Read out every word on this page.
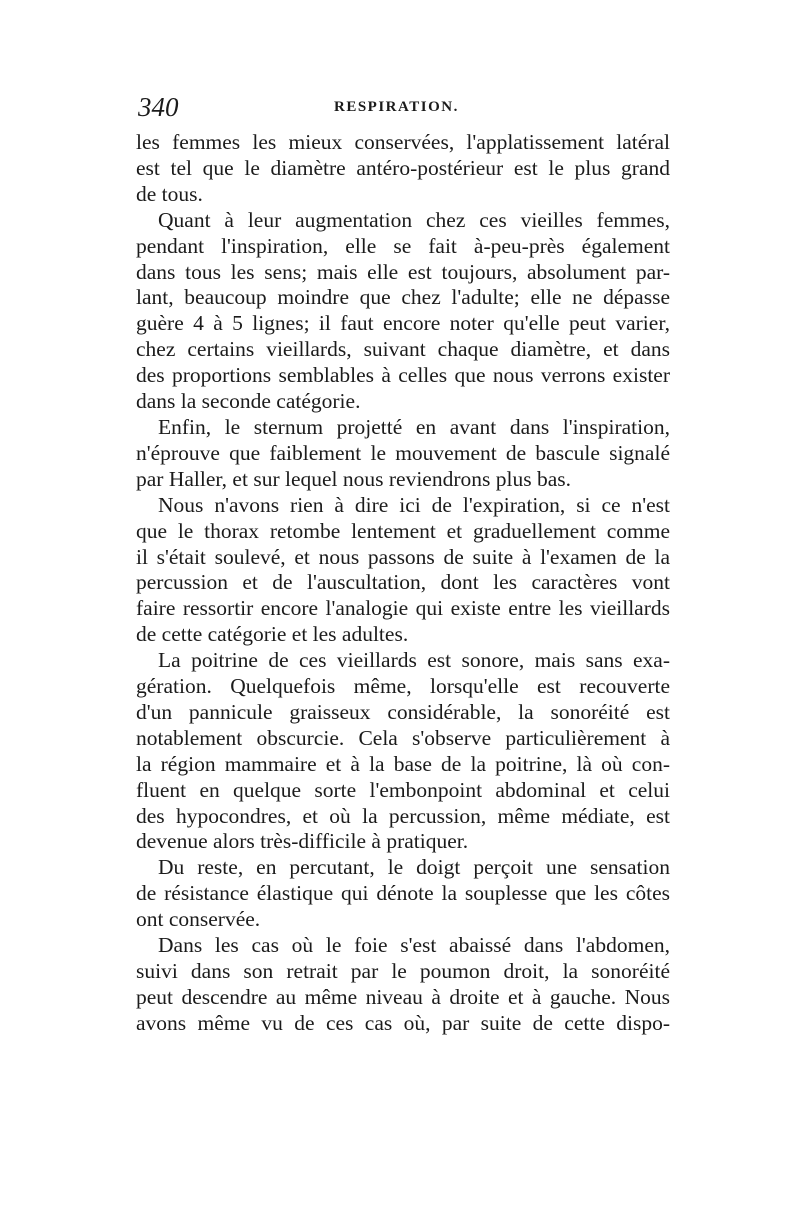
340	RESPIRATION.
les femmes les mieux conservées, l'applatissement latéral
est tel que le diamètre antéro-postérieur est le plus grand
de tous.
Quant à leur augmentation chez ces vieilles femmes,
pendant l'inspiration, elle se fait à-peu-près également
dans tous les sens; mais elle est toujours, absolument par-
lant, beaucoup moindre que chez l'adulte; elle ne dépasse
guère 4 à 5 lignes; il faut encore noter qu'elle peut varier,
chez certains vieillards, suivant chaque diamètre, et dans
des proportions semblables à celles que nous verrons exister
dans la seconde catégorie.
Enfin, le sternum projetté en avant dans l'inspiration,
n'éprouve que faiblement le mouvement de bascule signalé
par Haller, et sur lequel nous reviendrons plus bas.
Nous n'avons rien à dire ici de l'expiration, si ce n'est
que le thorax retombe lentement et graduellement comme
il s'était soulevé, et nous passons de suite à l'examen de la
percussion et de l'auscultation, dont les caractères vont
faire ressortir encore l'analogie qui existe entre les vieillards
de cette catégorie et les adultes.
La poitrine de ces vieillards est sonore, mais sans exa-
gération. Quelquefois même, lorsqu'elle est recouverte
d'un pannicule graisseux considérable, la sonoréité est
notablement obscurcie. Cela s'observe particulièrement à
la région mammaire et à la base de la poitrine, là où con-
fluent en quelque sorte l'embonpoint abdominal et celui
des hypocondres, et où la percussion, même médiate, est
devenue alors très-difficile à pratiquer.
Du reste, en percutant, le doigt perçoit une sensation
de résistance élastique qui dénote la souplesse que les côtes
ont conservée.
Dans les cas où le foie s'est abaissé dans l'abdomen,
suivi dans son retrait par le poumon droit, la sonoréité
peut descendre au même niveau à droite et à gauche. Nous
avons même vu de ces cas où, par suite de cette dispo-
